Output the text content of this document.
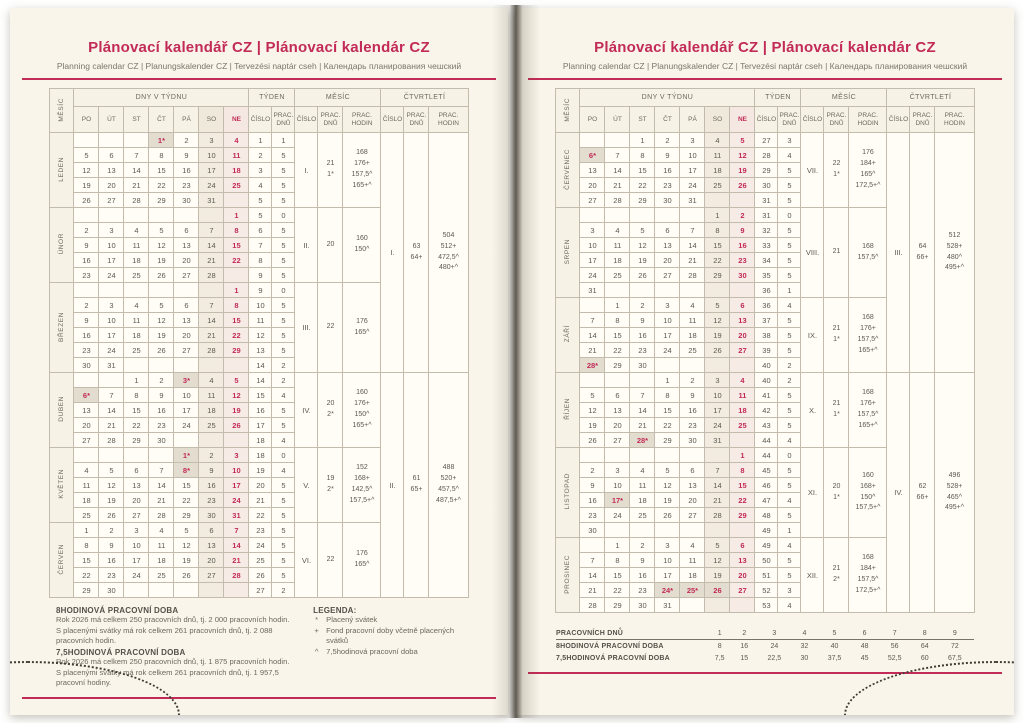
Plánovací kalendář CZ | Plánovací kalendár CZ
Planning calendar CZ | Planungskalender CZ | Tervezési naptár cseh | Календарь планирования чешский
MĚSÍC	DNY V TÝDNU							TÝDEN		MĚSÍC			ČTVRTLETÍ		
	PO	ÚT	ST	ČT	PÁ	SO	NE	ČÍSLO	PRAC.
DNŮ	ČÍSLO	PRAC.
DNŮ	PRAC.
HODIN	ČÍSLO	PRAC.
DNŮ	PRAC.
HODIN
LEDEN				1*	2	3	4	1	1	I.	21
1*	168
176+
157,5^
165+^	I.	63
64+	504
512+
472,5^
480+^
	5	6	7	8	9	10	11	2	5						
	12	13	14	15	16	17	18	3	5						
	19	20	21	22	23	24	25	4	5						
	26	27	28	29	30	31		5	5						
ÚNOR							1	5	0	II.	20	160
150^			
	2	3	4	5	6	7	8	6	5						
	9	10	11	12	13	14	15	7	5						
	16	17	18	19	20	21	22	8	5						
	23	24	25	26	27	28		9	5						
BŘEZEN							1	9	0	III.	22	176
165^			
	2	3	4	5	6	7	8	10	5						
	9	10	11	12	13	14	15	11	5						
	16	17	18	19	20	21	22	12	5						
	23	24	25	26	27	28	29	13	5						
	30	31						14	2						
DUBEN			1	2	3*	4	5	14	2	IV.	20
2*	160
176+
150^
165+^	II.	61
65+	488
520+
457,5^
487,5+^
	6*	7	8	9	10	11	12	15	4						
	13	14	15	16	17	18	19	16	5						
	20	21	22	23	24	25	26	17	5						
	27	28	29	30				18	4						
KVĚTEN					1*	2	3	18	0	V.	19
2*	152
168+
142,5^
157,5+^			
	4	5	6	7	8*	9	10	19	4						
	11	12	13	14	15	16	17	20	5						
	18	19	20	21	22	23	24	21	5						
	25	26	27	28	29	30	31	22	5						
ČERVEN	1	2	3	4	5	6	7	23	5	VI.	22	176
165^			
	8	9	10	11	12	13	14	24	5						
	15	16	17	18	19	20	21	25	5						
	22	23	24	25	26	27	28	26	5						
	29	30						27	2						
8HODINOVÁ PRACOVNÍ DOBA
Rok 2026 má celkem 250 pracovních dnů, tj. 2 000 pracovních hodin.
S placenými svátky má rok celkem 261 pracovních dnů, tj. 2 088 pracovních hodin.
7,5HODINOVÁ PRACOVNÍ DOBA
Rok 2026 má celkem 250 pracovních dnů, tj. 1 875 pracovních hodin.
S placenými svátky má rok celkem 261 pracovních dnů, tj. 1 957,5 pracovní hodiny.
LEGENDA:
* Placený svátek
+ Fond pracovní doby včetně placených svátků
^ 7,5hodinová pracovní doba
Plánovací kalendář CZ | Plánovací kalendár CZ
Planning calendar CZ | Planungskalender CZ | Tervezési naptár cseh | Календарь планирования чешский
MĚSÍC	DNY V TÝDNU							TÝDEN		MĚSÍC			ČTVRTLETÍ		
	PO	ÚT	ST	ČT	PÁ	SO	NE	ČÍSLO	PRAC.
DNŮ	ČÍSLO	PRAC.
DNŮ	PRAC.
HODIN	ČÍSLO	PRAC.
DNŮ	PRAC.
HODIN
ČERVENEC			1	2	3	4	5	27	3	VII.	22
1*	176
184+
165^
172,5+^	III.	64
66+	512
528+
480^
495+^
	6*	7	8	9	10	11	12	28	4						
	13	14	15	16	17	18	19	29	5						
	20	21	22	23	24	25	26	30	5						
	27	28	29	30	31			31	5						
SRPEN						1	2	31	0	VIII.	21	168
157,5^			
	3	4	5	6	7	8	9	32	5						
	10	11	12	13	14	15	16	33	5						
	17	18	19	20	21	22	23	34	5						
	24	25	26	27	28	29	30	35	5						
	31							36	1						
ZÁŘÍ		1	2	3	4	5	6	36	4	IX.	21
1*	168
176+
157,5^
165+^			
	7	8	9	10	11	12	13	37	5						
	14	15	16	17	18	19	20	38	5						
	21	22	23	24	25	26	27	39	5						
	28*	29	30					40	2						
ŘÍJEN				1	2	3	4	40	2	X.	21
1*	168
176+
157,5^
165+^	IV.	62
66+	496
528+
465^
495+^
	5	6	7	8	9	10	11	41	5						
	12	13	14	15	16	17	18	42	5						
	19	20	21	22	23	24	25	43	5						
	26	27	28*	29	30	31		44	4						
LISTOPAD							1	44	0	XI.	20
1*	160
168+
150^
157,5+^			
	2	3	4	5	6	7	8	45	5						
	9	10	11	12	13	14	15	46	5						
	16	17*	18	19	20	21	22	47	4						
	23	24	25	26	27	28	29	48	5						
	30							49	1						
PROSINEC		1	2	3	4	5	6	49	4	XII.	21
2*	168
184+
157,5^
172,5+^			
	7	8	9	10	11	12	13	50	5						
	14	15	16	17	18	19	20	51	5						
	21	22	23	24*	25*	26	27	52	3						
	28	29	30	31				53	4						
PRACOVNÍCH DNŮ	1	2	3	4	5	6	7	8	9
8HODINOVÁ PRACOVNÍ DOBA	8	16	24	32	40	48	56	64	72
7,5HODINOVÁ PRACOVNÍ DOBA	7,5	15	22,5	30	37,5	45	52,5	60	67,5
